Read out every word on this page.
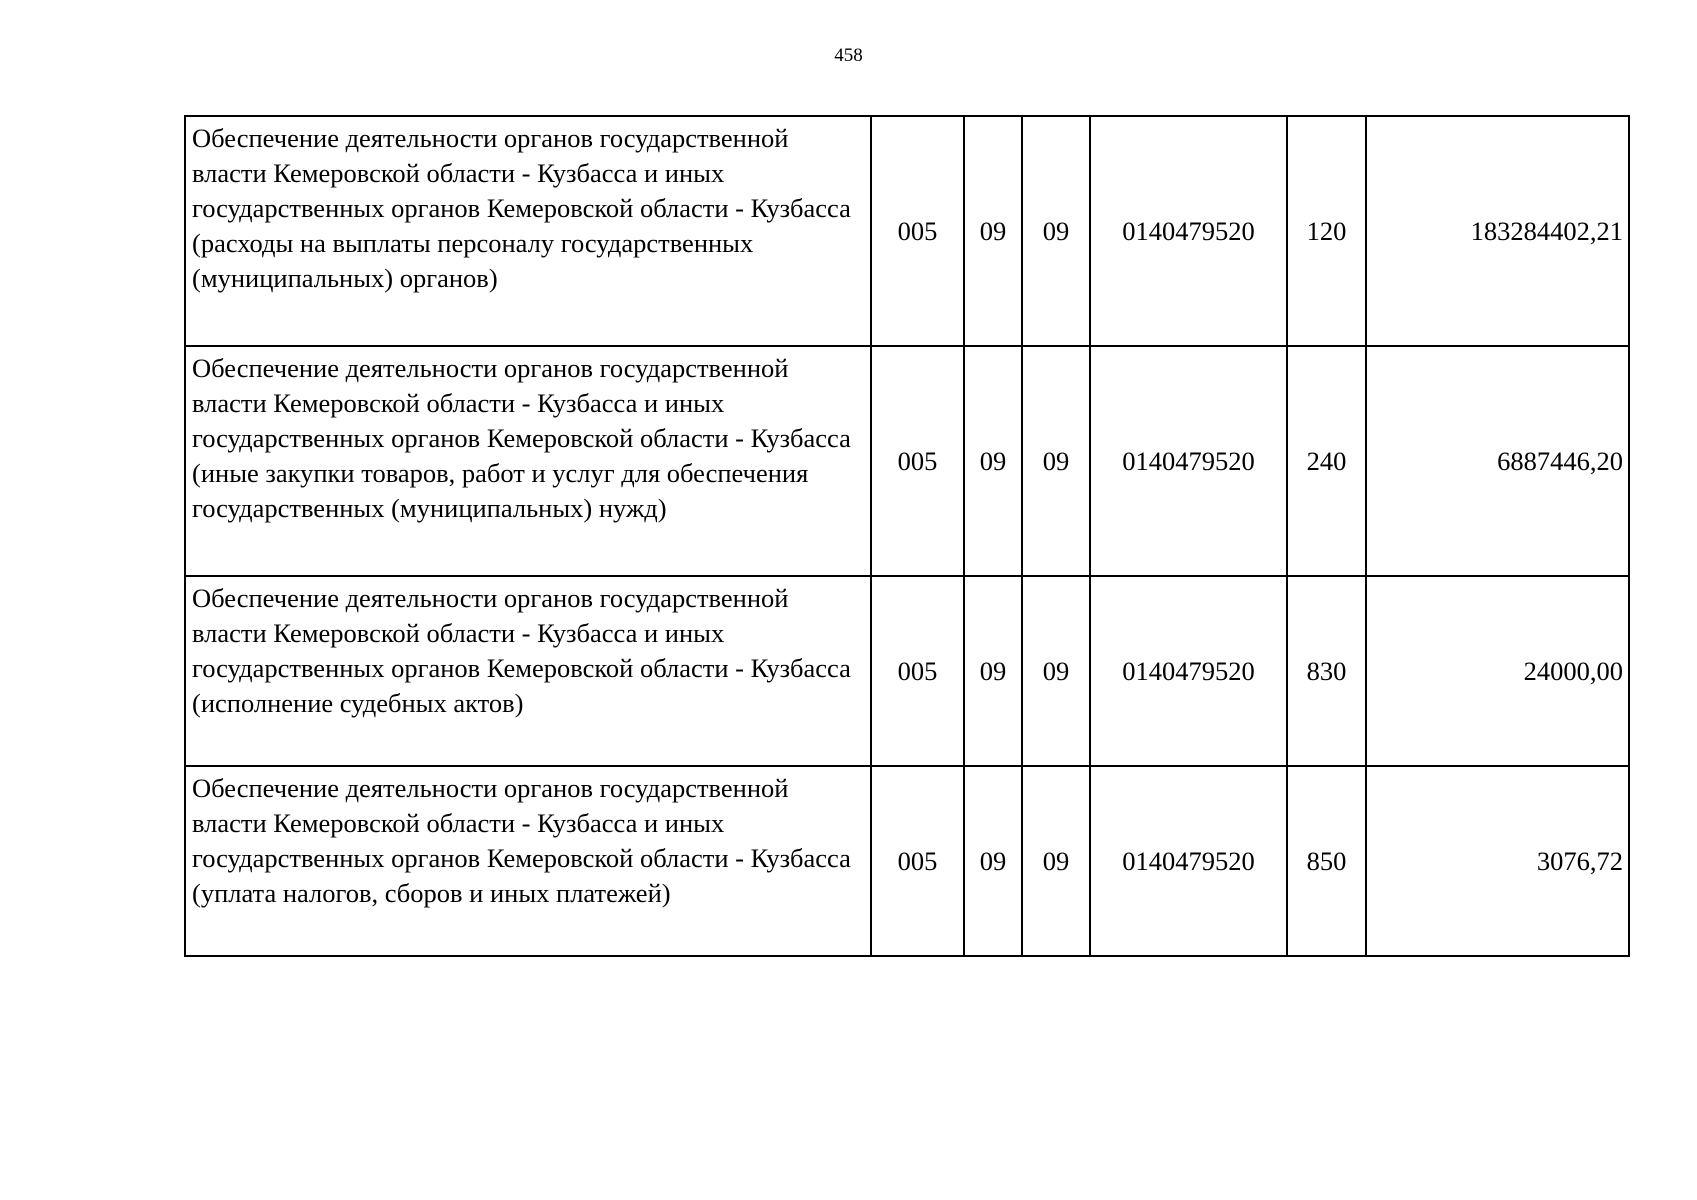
458
Обеспечение деятельности органов государственной власти Кемеровской области - Кузбасса и иных государственных органов Кемеровской области - Кузбасса (расходы на выплаты персоналу государственных (муниципальных) органов)	005	09	09	0140479520	120	183284402,21
Обеспечение деятельности органов государственной власти Кемеровской области - Кузбасса и иных государственных органов Кемеровской области - Кузбасса (иные закупки товаров, работ и услуг для обеспечения государственных (муниципальных) нужд)	005	09	09	0140479520	240	6887446,20
Обеспечение деятельности органов государственной власти Кемеровской области - Кузбасса и иных государственных органов Кемеровской области - Кузбасса (исполнение судебных актов)	005	09	09	0140479520	830	24000,00
Обеспечение деятельности органов государственной власти Кемеровской области - Кузбасса и иных государственных органов Кемеровской области - Кузбасса (уплата налогов, сборов и иных платежей)	005	09	09	0140479520	850	3076,72
